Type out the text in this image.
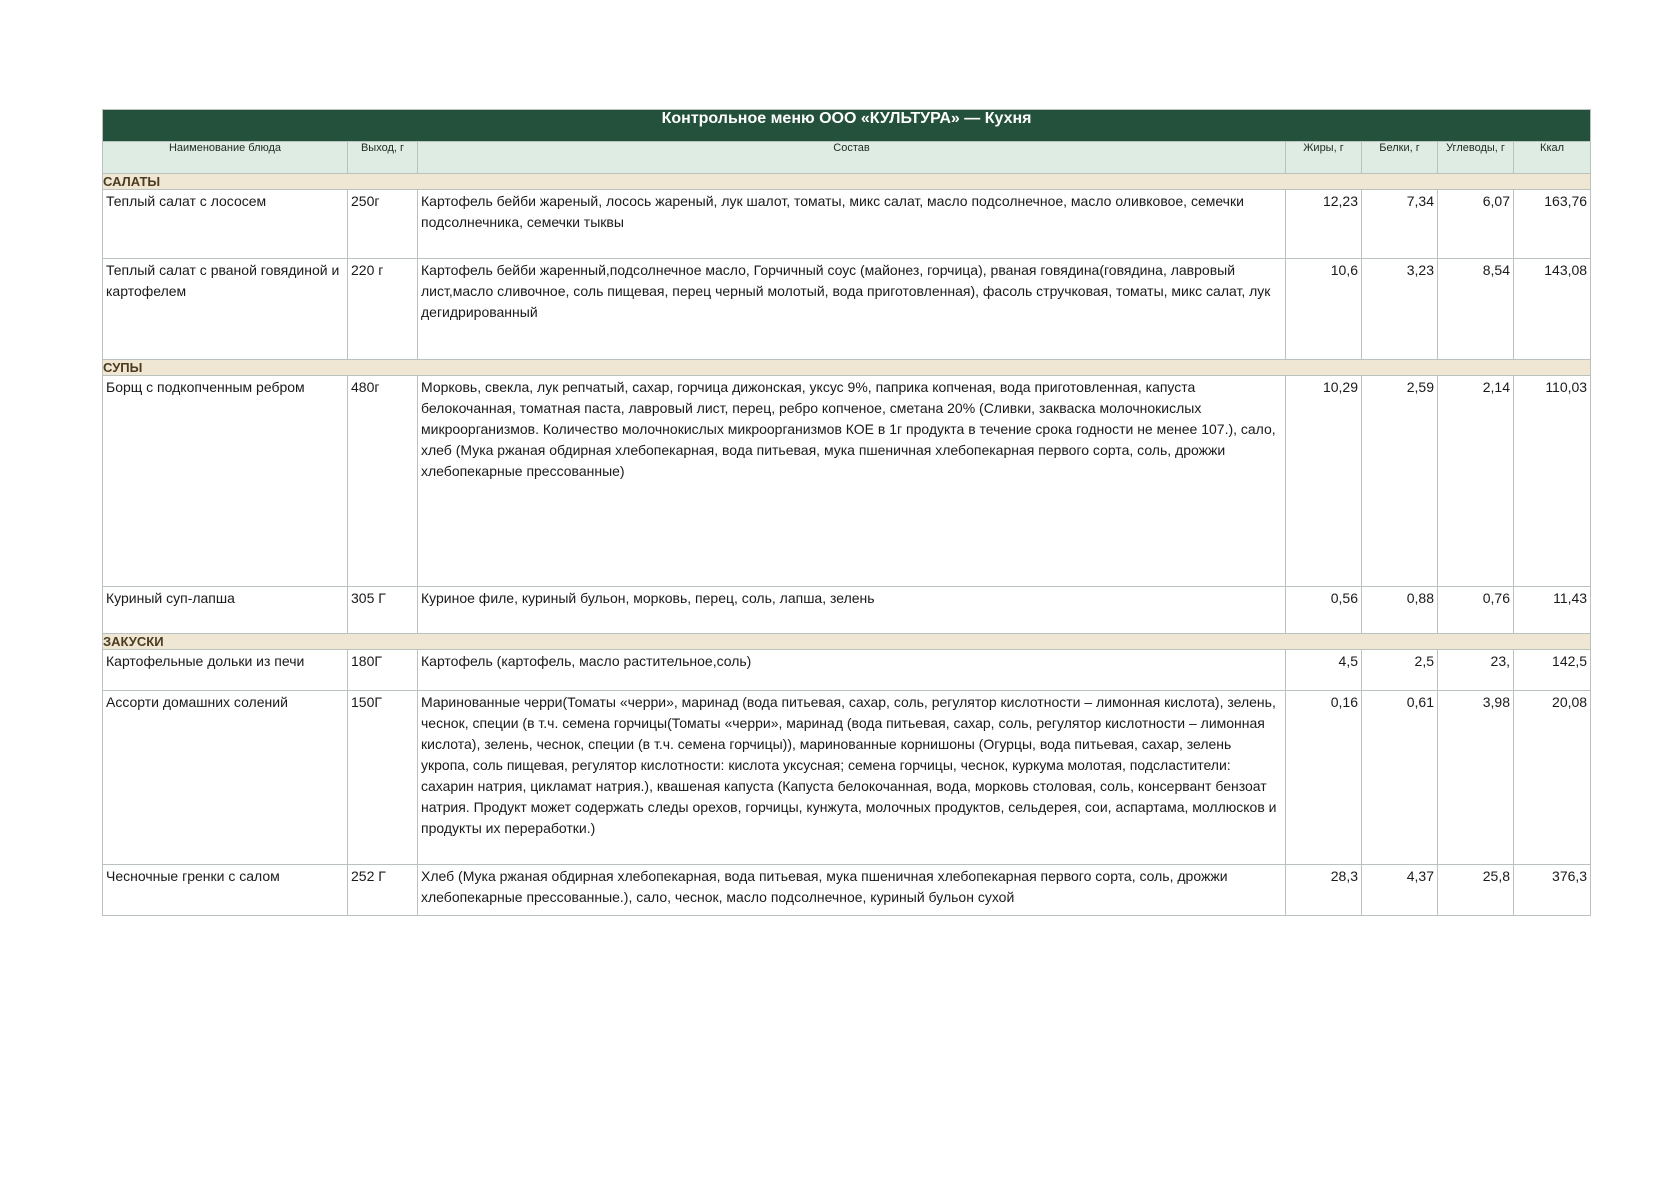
Контрольное меню ООО «КУЛЬТУРА» — Кухня						
Наименование блюда	Выход, г	Состав	Жиры, г	Белки, г	Углеводы, г	Ккал
САЛАТЫ						
Теплый салат с лососем	250г	Картофель бейби жареный, лосось жареный, лук шалот, томаты, микс салат, масло подсолнечное, масло оливковое, семечки подсолнечника, семечки тыквы	12,23	7,34	6,07	163,76
Теплый салат с рваной говядиной и картофелем	220 г	Картофель бейби жаренный,подсолнечное масло, Горчичный соус (майонез, горчица), рваная говядина(говядина, лавровый лист,масло сливочное, соль пищевая, перец черный молотый, вода приготовленная), фасоль стручковая, томаты, микс салат, лук дегидрированный	10,6	3,23	8,54	143,08
СУПЫ						
Борщ с подкопченным ребром	480г	Морковь, свекла, лук репчатый, сахар, горчица дижонская, уксус 9%, паприка копченая, вода приготовленная, капуста белокочанная, томатная паста, лавровый лист, перец, ребро копченое, сметана 20% (Сливки, закваска молочнокислых микроорганизмов. Количество молочнокислых микроорганизмов КОЕ в 1г продукта в течение срока годности не менее 107.), сало, хлеб (Мука ржаная обдирная хлебопекарная, вода питьевая, мука пшеничная хлебопекарная первого сорта, соль, дрожжи хлебопекарные прессованные)	10,29	2,59	2,14	110,03
Куриный суп-лапша	305 Г	Куриное филе, куриный бульон, морковь, перец, соль, лапша, зелень	0,56	0,88	0,76	11,43
ЗАКУСКИ						
Картофельные дольки из печи	180Г	Картофель (картофель, масло растительное,соль)	4,5	2,5	23,	142,5
Ассорти домашних солений	150Г	Маринованные черри(Томаты «черри», маринад (вода питьевая, сахар, соль, регулятор кислотности – лимонная кислота), зелень, чеснок, специи (в т.ч. семена горчицы(Томаты «черри», маринад (вода питьевая, сахар, соль, регулятор кислотности – лимонная кислота), зелень, чеснок, специи (в т.ч. семена горчицы)), маринованные корнишоны (Огурцы, вода питьевая, сахар, зелень укропа, соль пищевая, регулятор кислотности: кислота уксусная; семена горчицы, чеснок, куркума молотая, подсластители: сахарин натрия, цикламат натрия.), квашеная капуста (Капуста белокочанная, вода, морковь столовая, соль, консервант бензоат натрия. Продукт может содержать следы орехов, горчицы, кунжута, молочных продуктов, сельдерея, сои, аспартама, моллюсков и продукты их переработки.)	0,16	0,61	3,98	20,08
Чесночные гренки с салом	252 Г	Хлеб (Мука ржаная обдирная хлебопекарная, вода питьевая, мука пшеничная хлебопекарная первого сорта, соль, дрожжи хлебопекарные прессованные.), сало, чеснок, масло подсолнечное, куриный бульон сухой	28,3	4,37	25,8	376,3
